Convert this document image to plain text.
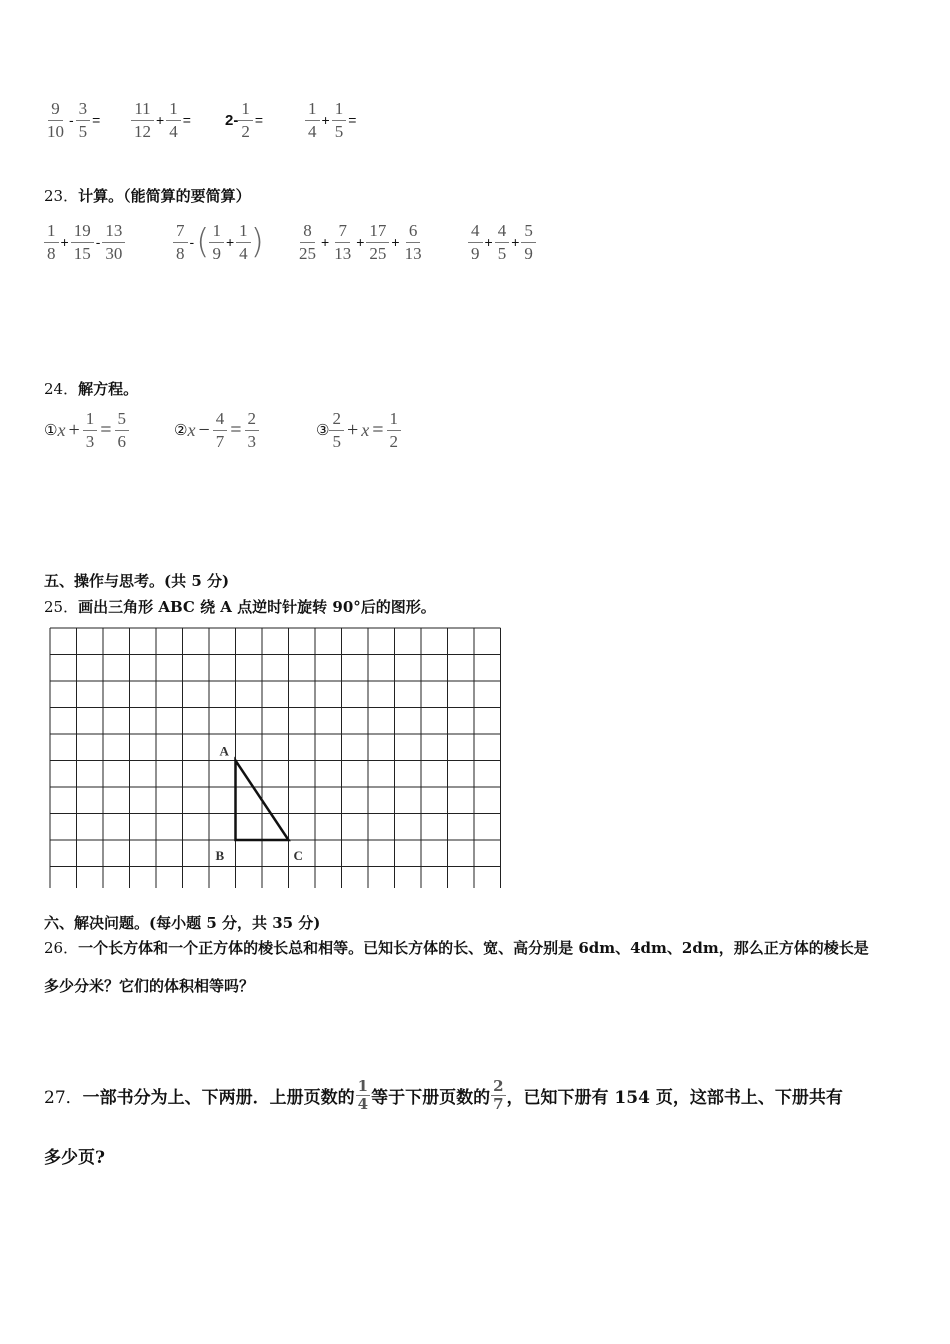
$\frac{9}{10} - \frac{3}{5} = \frac{11}{12} + \frac{1}{4} = 2- \frac{1}{2} = \frac{1}{4} + \frac{1}{5}$ =
23．计算。（能简算的要简算）
$\frac{1}{8} + \frac{19}{15} - \frac{13}{30}$	$\frac{7}{8}$ - ( $\frac{1}{9} + \frac{1}{4}$ ) $\frac{8}{25} + \frac{7}{13} + \frac{17}{25} + \frac{6}{13}$	$\frac{4}{9} + \frac{4}{5} + \frac{5}{9}$
24．解方程。
① $x + \frac{1}{3} = \frac{5}{6}$	② $x - \frac{4}{7} = \frac{2}{3}$	③ $\frac{2}{5} + x = \frac{1}{2}$
五、操作与思考。(共 5 分)
25．画出三角形 ABC 绕 A 点逆时针旋转 90°后的图形。
A
B	C
六、解决问题。(每小题 5 分，共 35 分)
26．一个长方体和一个正方体的棱长总和相等。已知长方体的长、宽、高分别是 6dm、4dm、2dm，那么正方体的棱长是
多少分米？它们的体积相等吗？
27． 一部书分为上、下两册．上册页数的
1
4 等于下册页数的
2
7 ，已知下册有 154 页，这部书上、下册共有
多少页?
